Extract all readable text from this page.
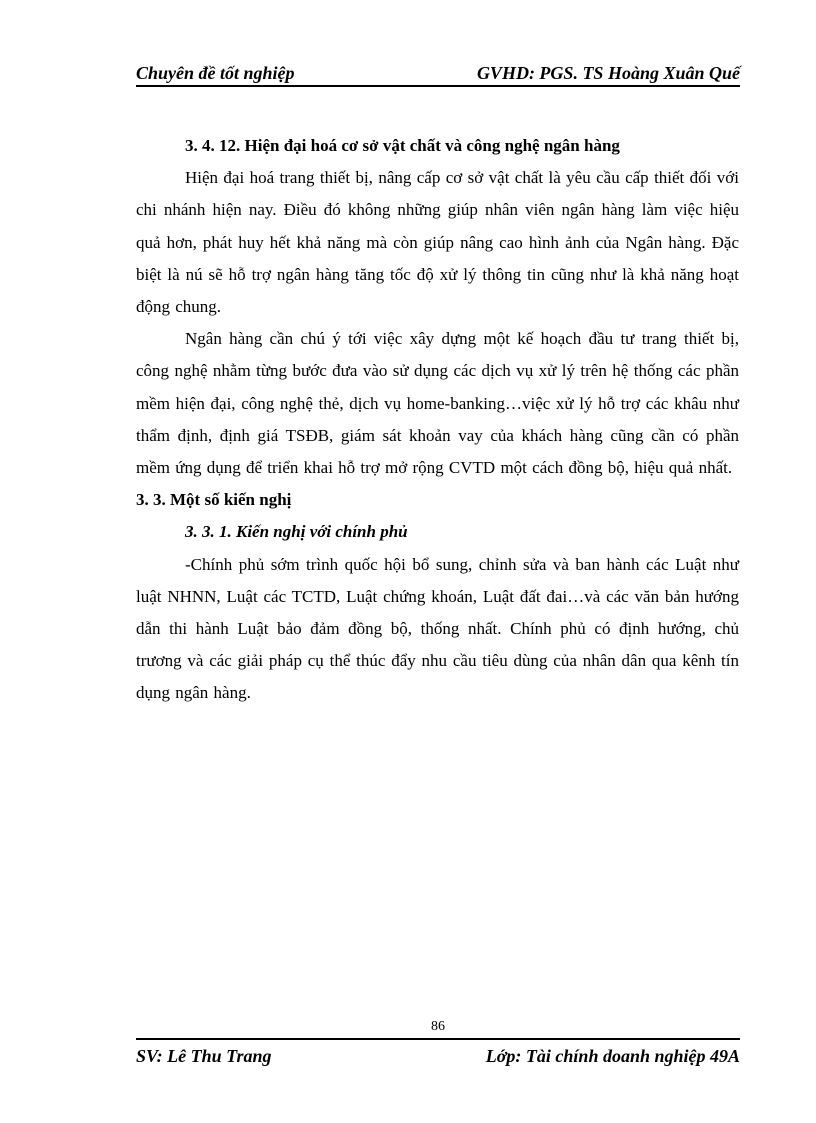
Chuyên đề tốt nghiệp	GVHD: PGS. TS Hoàng Xuân Quế
3. 4. 12. Hiện đại hoá cơ sở vật chất và công nghệ ngân hàng

Hiện đại hoá trang thiết bị, nâng cấp cơ sở vật chất là yêu cầu cấp thiết đối với chi nhánh hiện nay. Điều đó không những giúp nhân viên ngân hàng làm việc hiệu quả hơn, phát huy hết khả năng mà còn giúp nâng cao hình ảnh của Ngân hàng. Đặc biệt là nú sẽ hỗ trợ ngân hàng tăng tốc độ xử lý thông tin cũng như là khả năng hoạt động chung.

Ngân hàng cần chú ý tới việc xây dựng một kế hoạch đầu tư trang thiết bị, công nghệ nhằm từng bước đưa vào sử dụng các dịch vụ xử lý trên hệ thống các phần mềm hiện đại, công nghệ thẻ, dịch vụ home-banking…việc xử lý hỗ trợ các khâu như thẩm định, định giá TSĐB, giám sát khoản vay của khách hàng cũng cần có phần mềm ứng dụng để triển khai hỗ trợ mở rộng CVTD một cách đồng bộ, hiệu quả nhất.

3. 3. Một số kiến nghị
3. 3. 1. Kiến nghị với chính phủ

-Chính phủ sớm trình quốc hội bổ sung, chỉnh sửa và ban hành các Luật như luật NHNN, Luật các TCTD, Luật chứng khoán, Luật đất đai…và các văn bản hướng dẫn thi hành Luật bảo đảm đồng bộ, thống nhất. Chính phủ có định hướng, chủ trương và các giải pháp cụ thể thúc đẩy nhu cầu tiêu dùng của nhân dân qua kênh tín dụng ngân hàng.

86
SV: Lê Thu Trang	Lớp: Tài chính doanh nghiệp 49A
